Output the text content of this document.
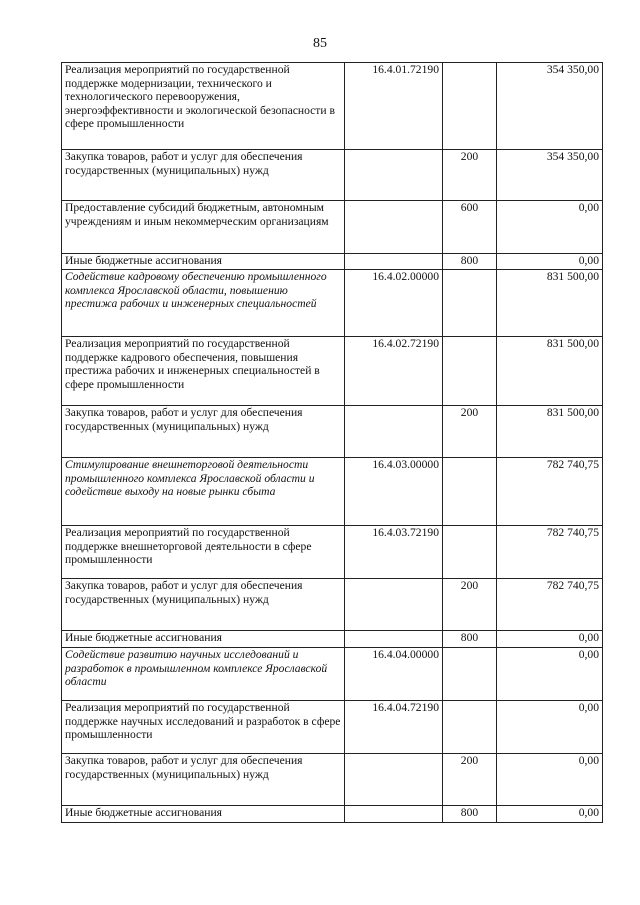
85
Реализация мероприятий по государственной поддержке модернизации, технического и технологического перевооружения, энергоэффективности и экологической безопасности в сфере промышленности	16.4.01.72190		354 350,00
Закупка товаров, работ и услуг для обеспечения государственных (муниципальных) нужд		200	354 350,00
Предоставление субсидий бюджетным, автономным учреждениям и иным некоммерческим организациям		600	0,00
Иные бюджетные ассигнования		800	0,00
Содействие кадровому обеспечению промышленного комплекса Ярославской области, повышению престижа рабочих и инженерных специальностей	16.4.02.00000		831 500,00
Реализация мероприятий по государственной поддержке кадрового обеспечения, повышения престижа рабочих и инженерных специальностей в сфере промышленности	16.4.02.72190		831 500,00
Закупка товаров, работ и услуг для обеспечения государственных (муниципальных) нужд		200	831 500,00
Стимулирование внешнеторговой деятельности промышленного комплекса Ярославской области и содействие выходу на новые рынки сбыта	16.4.03.00000		782 740,75
Реализация мероприятий по государственной поддержке внешнеторговой деятельности в сфере промышленности	16.4.03.72190		782 740,75
Закупка товаров, работ и услуг для обеспечения государственных (муниципальных) нужд		200	782 740,75
Иные бюджетные ассигнования		800	0,00
Содействие развитию научных исследований и разработок в промышленном комплексе Ярославской области	16.4.04.00000		0,00
Реализация мероприятий по государственной поддержке научных исследований и разработок в сфере промышленности	16.4.04.72190		0,00
Закупка товаров, работ и услуг для обеспечения государственных (муниципальных) нужд		200	0,00
Иные бюджетные ассигнования		800	0,00
